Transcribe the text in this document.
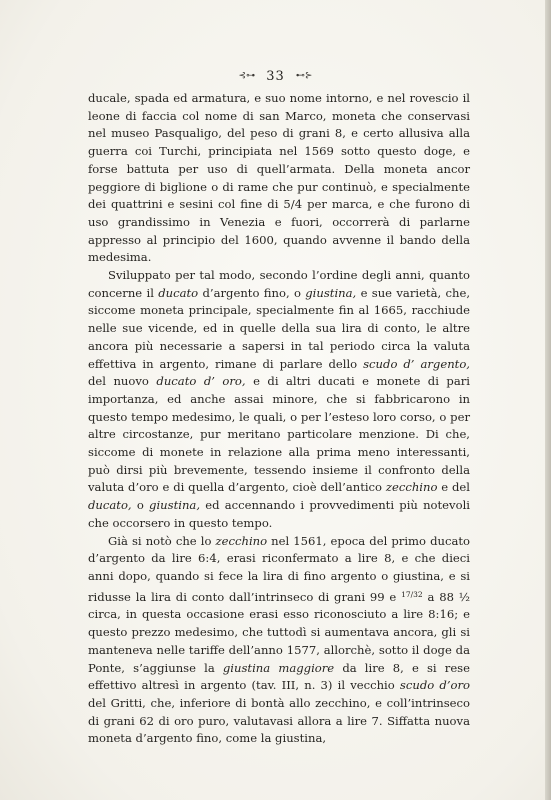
⊰⊶ 33 ⊷⊱

ducale, spada ed armatura, e suo nome intorno, e nel rovescio il leone di faccia col nome di san Marco, moneta che conservasi nel museo Pasqualigo, del peso di grani 8, e certo allusiva alla guerra coi Turchi, principiata nel 1569 sotto questo doge, e forse battuta per uso di quell’armata. Della moneta ancor peggiore di biglione o di rame che pur continuò, e specialmente dei quattrini e sesini col fine di 5/4 per marca, e che furono di uso grandissimo in Venezia e fuori, occorrerà di parlarne appresso al principio del 1600, quando avvenne il bando della medesima.

Sviluppato per tal modo, secondo l’ordine degli anni, quanto concerne il ducato d’argento fino, o giustina, e sue varietà, che, siccome moneta principale, specialmente fin al 1665, racchiude nelle sue vicende, ed in quelle della sua lira di conto, le altre ancora più necessarie a sapersi in tal periodo circa la valuta effettiva in argento, rimane di parlare dello scudo d’ argento, del nuovo ducato d’ oro, e di altri ducati e monete di pari importanza, ed anche assai minore, che si fabbricarono in questo tempo medesimo, le quali, o per l’esteso loro corso, o per altre circostanze, pur meritano particolare menzione. Di che, siccome di monete in relazione alla prima meno interessanti, può dirsi più brevemente, tessendo insieme il confronto della valuta d’oro e di quella d’argento, cioè dell’antico zecchino e del ducato, o giustina, ed accennando i provvedimenti più notevoli che occorsero in questo tempo.

Già si notò che lo zecchino nel 1561, epoca del primo ducato d’argento da lire 6:4, erasi riconfermato a lire 8, e che dieci anni dopo, quando si fece la lira di fino argento o giustina, e si ridusse la lira di conto dall’intrinseco di grani 99 e $^{17/32}$ a 88 ½ circa, in questa occasione erasi esso riconosciuto a lire 8:16; e questo prezzo medesimo, che tuttodì si aumentava ancora, gli si manteneva nelle tariffe dell’anno 1577, allorchè, sotto il doge da Ponte, s’aggiunse la giustina maggiore da lire 8, e si rese effettivo altresì in argento (tav. III, n. 3) il vecchio scudo d’oro del Gritti, che, inferiore di bontà allo zecchino, e coll’intrinseco di grani 62 di oro puro, valutavasi allora a lire 7. Siffatta nuova moneta d’argento fino, come la giustina,
